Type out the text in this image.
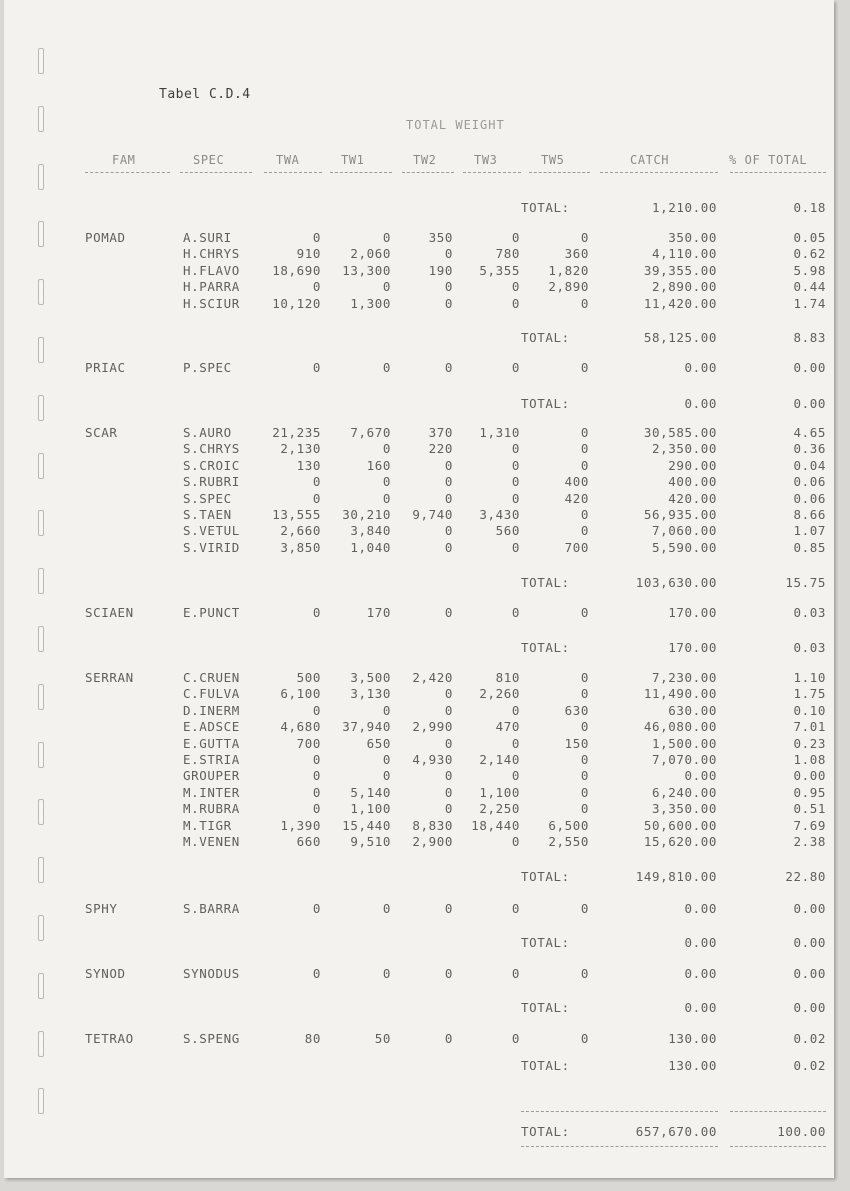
Tabel C.D.4
TOTAL WEIGHT
FAM	SPEC	TWA	TW1	TW2	TW3	TW5	CATCH	% OF TOTAL
TOTAL:	1,210.00	0.18
POMAD	A.SURI	0	0	350	0	0	350.00	0.05
H.CHRYS	910	2,060	0	780	360	4,110.00	0.62
H.FLAVO	18,690	13,300	190	5,355	1,820	39,355.00	5.98
H.PARRA	0	0	0	0	2,890	2,890.00	0.44
H.SCIUR	10,120	1,300	0	0	0	11,420.00	1.74
TOTAL:	58,125.00	8.83
PRIAC	P.SPEC	0	0	0	0	0	0.00	0.00
TOTAL:	0.00	0.00
SCAR	S.AURO	21,235	7,670	370	1,310	0	30,585.00	4.65
S.CHRYS	2,130	0	220	0	0	2,350.00	0.36
S.CROIC	130	160	0	0	0	290.00	0.04
S.RUBRI	0	0	0	0	400	400.00	0.06
S.SPEC	0	0	0	0	420	420.00	0.06
S.TAEN	13,555	30,210	9,740	3,430	0	56,935.00	8.66
S.VETUL	2,660	3,840	0	560	0	7,060.00	1.07
S.VIRID	3,850	1,040	0	0	700	5,590.00	0.85
TOTAL:	103,630.00	15.75
SCIAEN	E.PUNCT	0	170	0	0	0	170.00	0.03
TOTAL:	170.00	0.03
SERRAN	C.CRUEN	500	3,500	2,420	810	0	7,230.00	1.10
C.FULVA	6,100	3,130	0	2,260	0	11,490.00	1.75
D.INERM	0	0	0	0	630	630.00	0.10
E.ADSCE	4,680	37,940	2,990	470	0	46,080.00	7.01
E.GUTTA	700	650	0	0	150	1,500.00	0.23
E.STRIA	0	0	4,930	2,140	0	7,070.00	1.08
GROUPER	0	0	0	0	0	0.00	0.00
M.INTER	0	5,140	0	1,100	0	6,240.00	0.95
M.RUBRA	0	1,100	0	2,250	0	3,350.00	0.51
M.TIGR	1,390	15,440	8,830	18,440	6,500	50,600.00	7.69
M.VENEN	660	9,510	2,900	0	2,550	15,620.00	2.38
TOTAL:	149,810.00	22.80
SPHY	S.BARRA	0	0	0	0	0	0.00	0.00
TOTAL:	0.00	0.00
SYNOD	SYNODUS	0	0	0	0	0	0.00	0.00
TOTAL:	0.00	0.00
TETRAO	S.SPENG	80	50	0	0	0	130.00	0.02
TOTAL:	130.00	0.02
TOTAL:	657,670.00	100.00
